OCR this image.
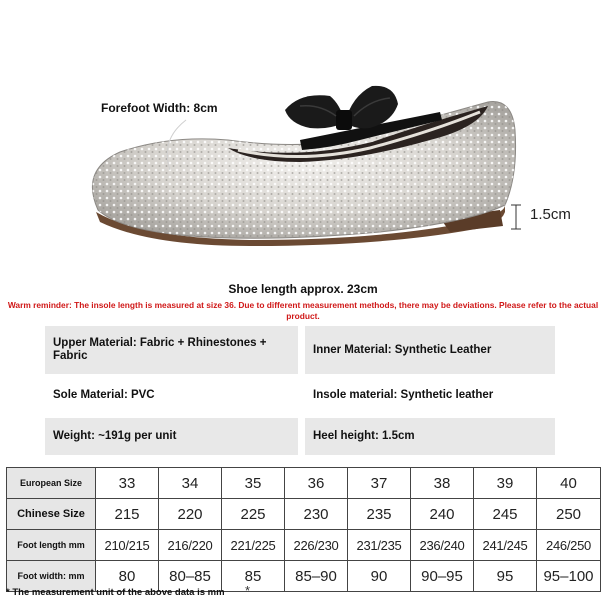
Forefoot Width: 8cm
1.5cm
Shoe length approx. 23cm
Warm reminder: The insole length is measured at size 36. Due to different measurement methods, there may be deviations. Please refer to the actual product.
Upper Material: Fabric + Rhinestones + Fabric
Inner Material: Synthetic Leather
Sole Material: PVC	Insole material: Synthetic leather
Weight: ~191g per unit	Heel height: 1.5cm
European Size	33	34	35	36	37	38	39	40
Chinese Size	215	220	225	230	235	240	245	250
Foot length mm	210/215	216/220	221/225	226/230	231/235	236/240	241/245	246/250
Foot width: mm	80	80–85	85	85–90	90	90–95	95	95–100
* The measurement unit of the above data is mm *
